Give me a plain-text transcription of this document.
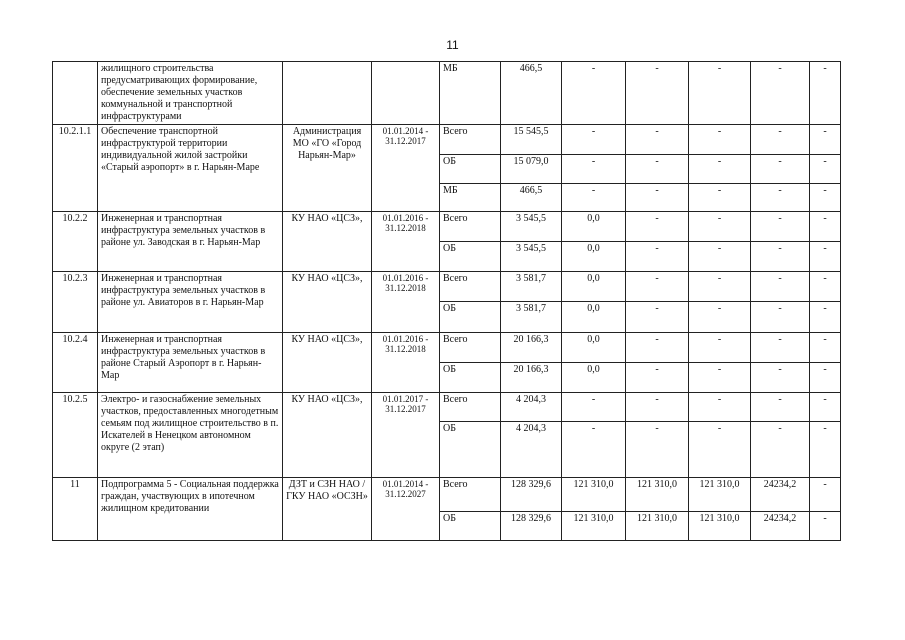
11
	жилищного строительства предусматривающих формирование, обеспечение земельных участков коммунальной и транспортной инфраструктурами			МБ	466,5	-	-	-	-	-
10.2.1.1	Обеспечение транспортной инфраструктурой территории индивидуальной жилой застройки «Старый аэропорт» в г. Нарьян-Маре	Администрация МО «ГО «Город Нарьян-Мар»	01.01.2014 - 31.12.2017	Всего	15 545,5	-	-	-	-	-
				ОБ	15 079,0	-	-	-	-	-
				МБ	466,5	-	-	-	-	-
10.2.2	Инженерная и транспортная инфраструктура земельных участков в районе ул. Заводская в г. Нарьян-Мар	КУ НАО «ЦСЗ»,	01.01.2016 - 31.12.2018	Всего	3 545,5	0,0	-	-	-	-
				ОБ	3 545,5	0,0	-	-	-	-
10.2.3	Инженерная и транспортная инфраструктура земельных участков в районе ул. Авиаторов в г. Нарьян-Мар	КУ НАО «ЦСЗ»,	01.01.2016 - 31.12.2018	Всего	3 581,7	0,0	-	-	-	-
				ОБ	3 581,7	0,0	-	-	-	-
10.2.4	Инженерная и транспортная инфраструктура земельных участков в районе Старый Аэропорт в г. Нарьян-Мар	КУ НАО «ЦСЗ»,	01.01.2016 - 31.12.2018	Всего	20 166,3	0,0	-	-	-	-
				ОБ	20 166,3	0,0	-	-	-	-
10.2.5	Электро- и газоснабжение земельных участков, предоставленных многодетным семьям под жилищное строительство в п. Искателей в Ненецком автономном округе (2 этап)	КУ НАО «ЦСЗ»,	01.01.2017 - 31.12.2017	Всего	4 204,3	-	-	-	-	-
				ОБ	4 204,3	-	-	-	-	-
11	Подпрограмма 5 - Социальная поддержка граждан, участвующих в ипотечном жилищном кредитовании	ДЗТ и СЗН НАО / ГКУ НАО «ОСЗН»	01.01.2014 - 31.12.2027	Всего	128 329,6	121 310,0	121 310,0	121 310,0	24234,2	-
				ОБ	128 329,6	121 310,0	121 310,0	121 310,0	24234,2	-
